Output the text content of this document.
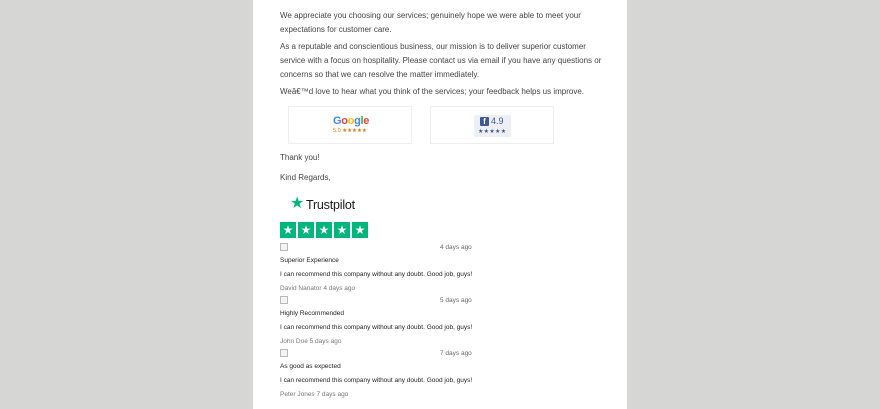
We appreciate you choosing our services; genuinely hope we were able to meet your expectations for customer care.

As a reputable and conscientious business, our mission is to deliver superior customer service with a focus on hospitality. Please contact us via email if you have any questions or concerns so that we can resolve the matter immediately.

Weâ€™d love to hear what you think of the services; your feedback helps us improve.

Google
5.0 ★★★★★
f 4.9
★★★★★

Thank you!

Kind Regards,

★ Trustpilot
★ ★ ★ ★ ★
4 days ago
Superior Experience
I can recommend this company without any doubt. Good job, guys!
David Nanator 4 days ago
5 days ago
Highly Recommended
I can recommend this company without any doubt. Good job, guys!
John Doe 5 days ago
7 days ago
As good as expected
I can recommend this company without any doubt. Good job, guys!
Peter Jones 7 days ago
